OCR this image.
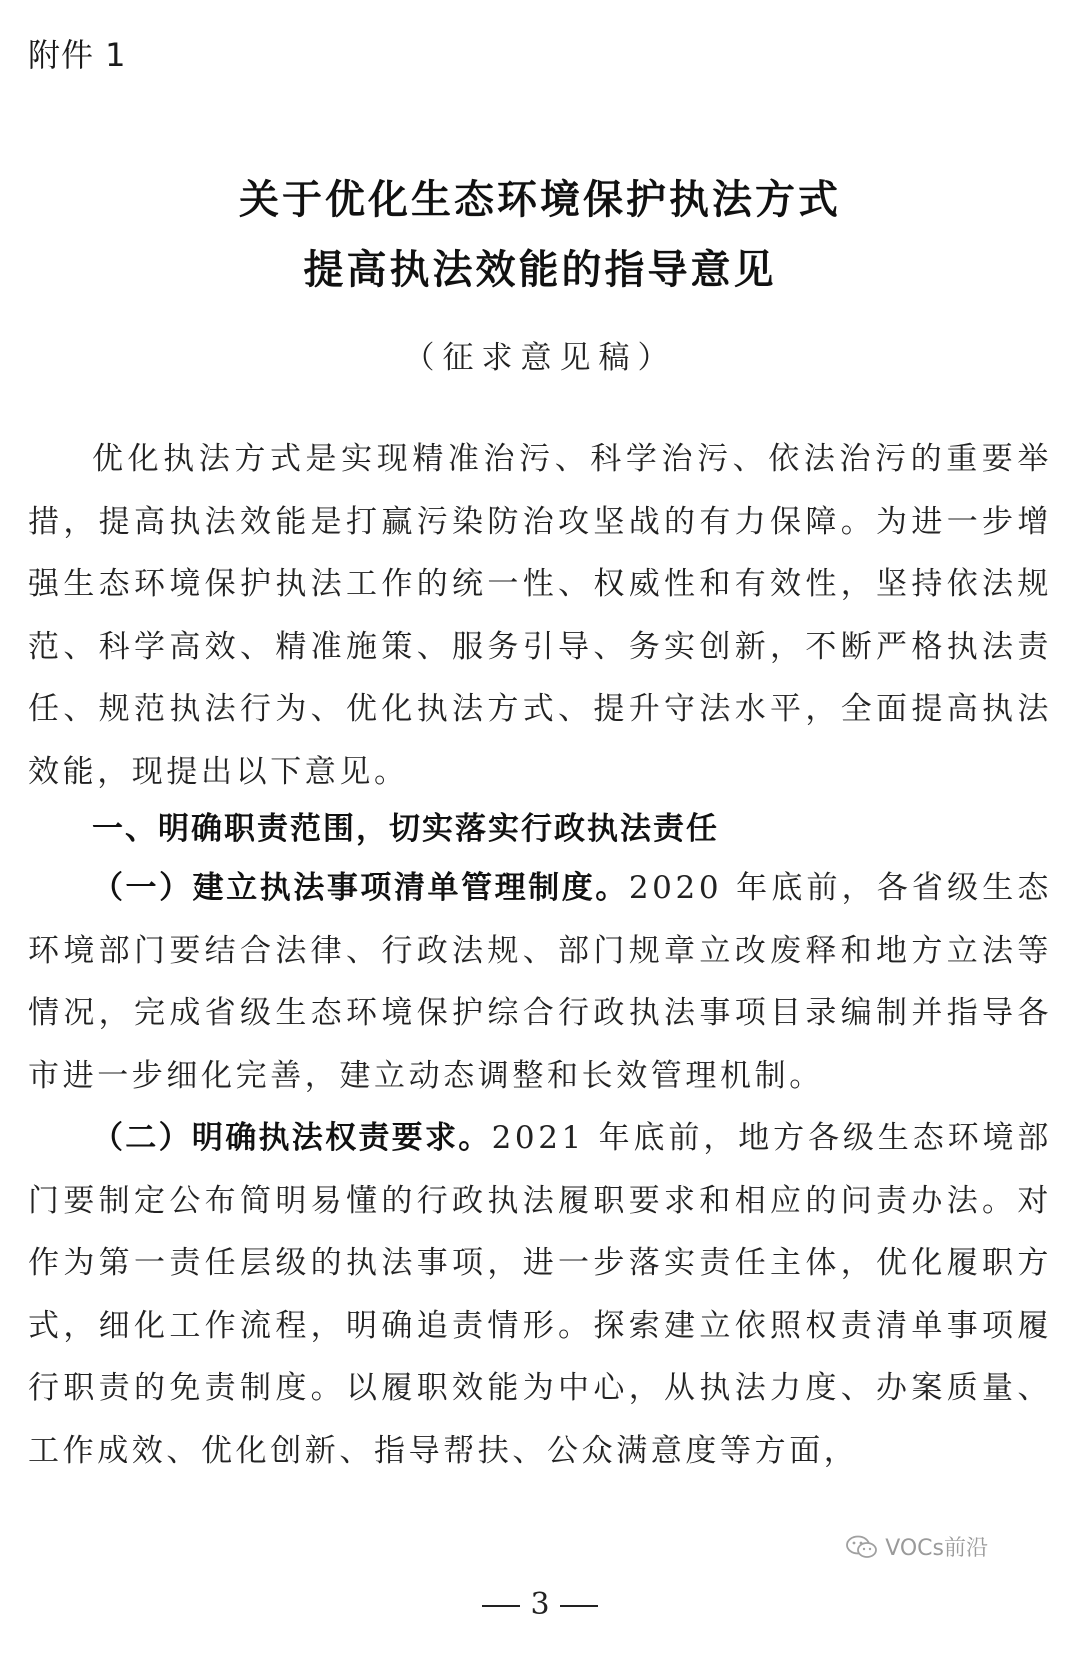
附件 1
关于优化生态环境保护执法方式
提高执法效能的指导意见
（征求意见稿）

优化执法方式是实现精准治污、科学治污、依法治污的重要举措，提高执法效能是打赢污染防治攻坚战的有力保障。为进一步增强生态环境保护执法工作的统一性、权威性和有效性，坚持依法规范、科学高效、精准施策、服务引导、务实创新，不断严格执法责任、规范执法行为、优化执法方式、提升守法水平，全面提高执法效能，现提出以下意见。

一、明确职责范围，切实落实行政执法责任

（一）建立执法事项清单管理制度。2020 年底前，各省级生态环境部门要结合法律、行政法规、部门规章立改废释和地方立法等情况，完成省级生态环境保护综合行政执法事项目录编制并指导各市进一步细化完善，建立动态调整和长效管理机制。

（二）明确执法权责要求。2021 年底前，地方各级生态环境部门要制定公布简明易懂的行政执法履职要求和相应的问责办法。对作为第一责任层级的执法事项，进一步落实责任主体，优化履职方式，细化工作流程，明确追责情形。探索建立依照权责清单事项履行职责的免责制度。以履职效能为中心，从执法力度、办案质量、工作成效、优化创新、指导帮扶、公众满意度等方面，

VOCs前沿
3
